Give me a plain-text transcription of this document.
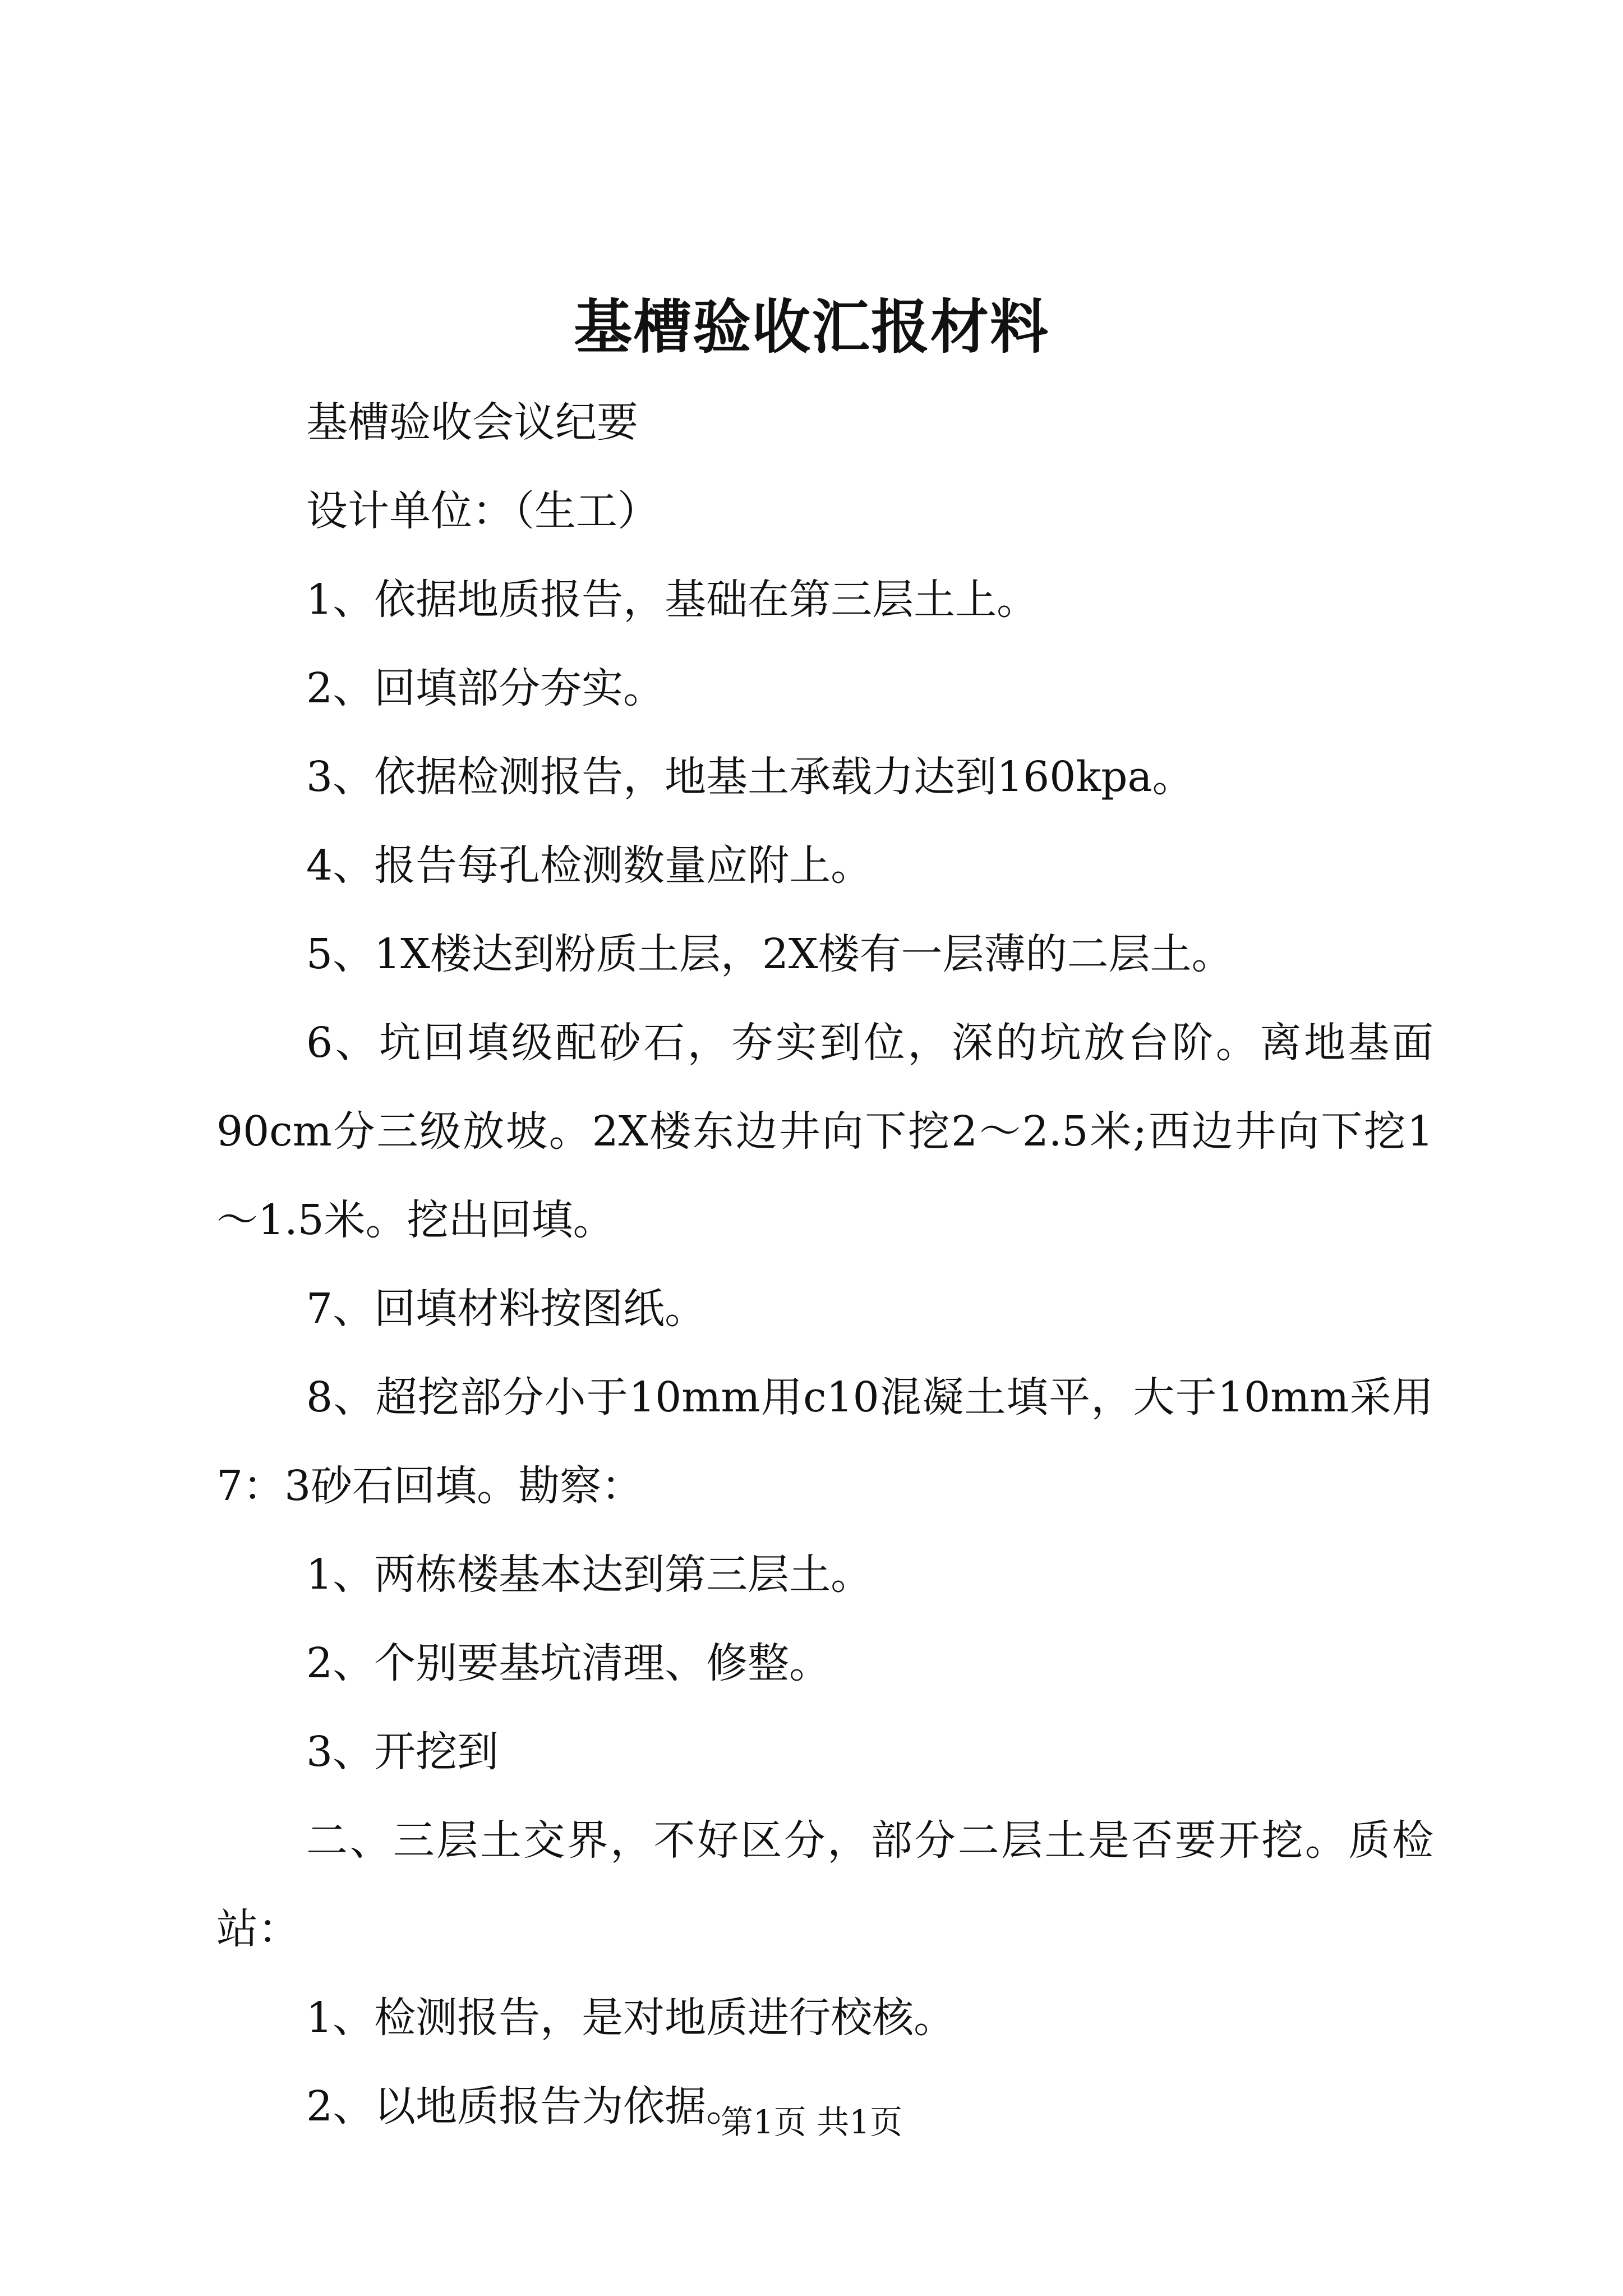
基槽验收汇报材料

基槽验收会议纪要

设计单位：（生工）

1、依据地质报告，基础在第三层土上。

2、回填部分夯实。

3、依据检测报告，地基土承载力达到160kpa。

4、报告每孔检测数量应附上。

5、1X楼达到粉质土层，2X楼有一层薄的二层土。

6、坑回填级配砂石，夯实到位，深的坑放台阶。离地基面90cm分三级放坡。2X楼东边井向下挖2～2.5米;西边井向下挖1～1.5米。挖出回填。

7、回填材料按图纸。

8、超挖部分小于10mm用c10混凝土填平，大于10mm采用7：3砂石回填。勘察：

1、两栋楼基本达到第三层土。

2、个别要基坑清理、修整。

3、开挖到

二、三层土交界，不好区分，部分二层土是否要开挖。质检站：

1、检测报告，是对地质进行校核。

2、以地质报告为依据。

第1页 共1页
